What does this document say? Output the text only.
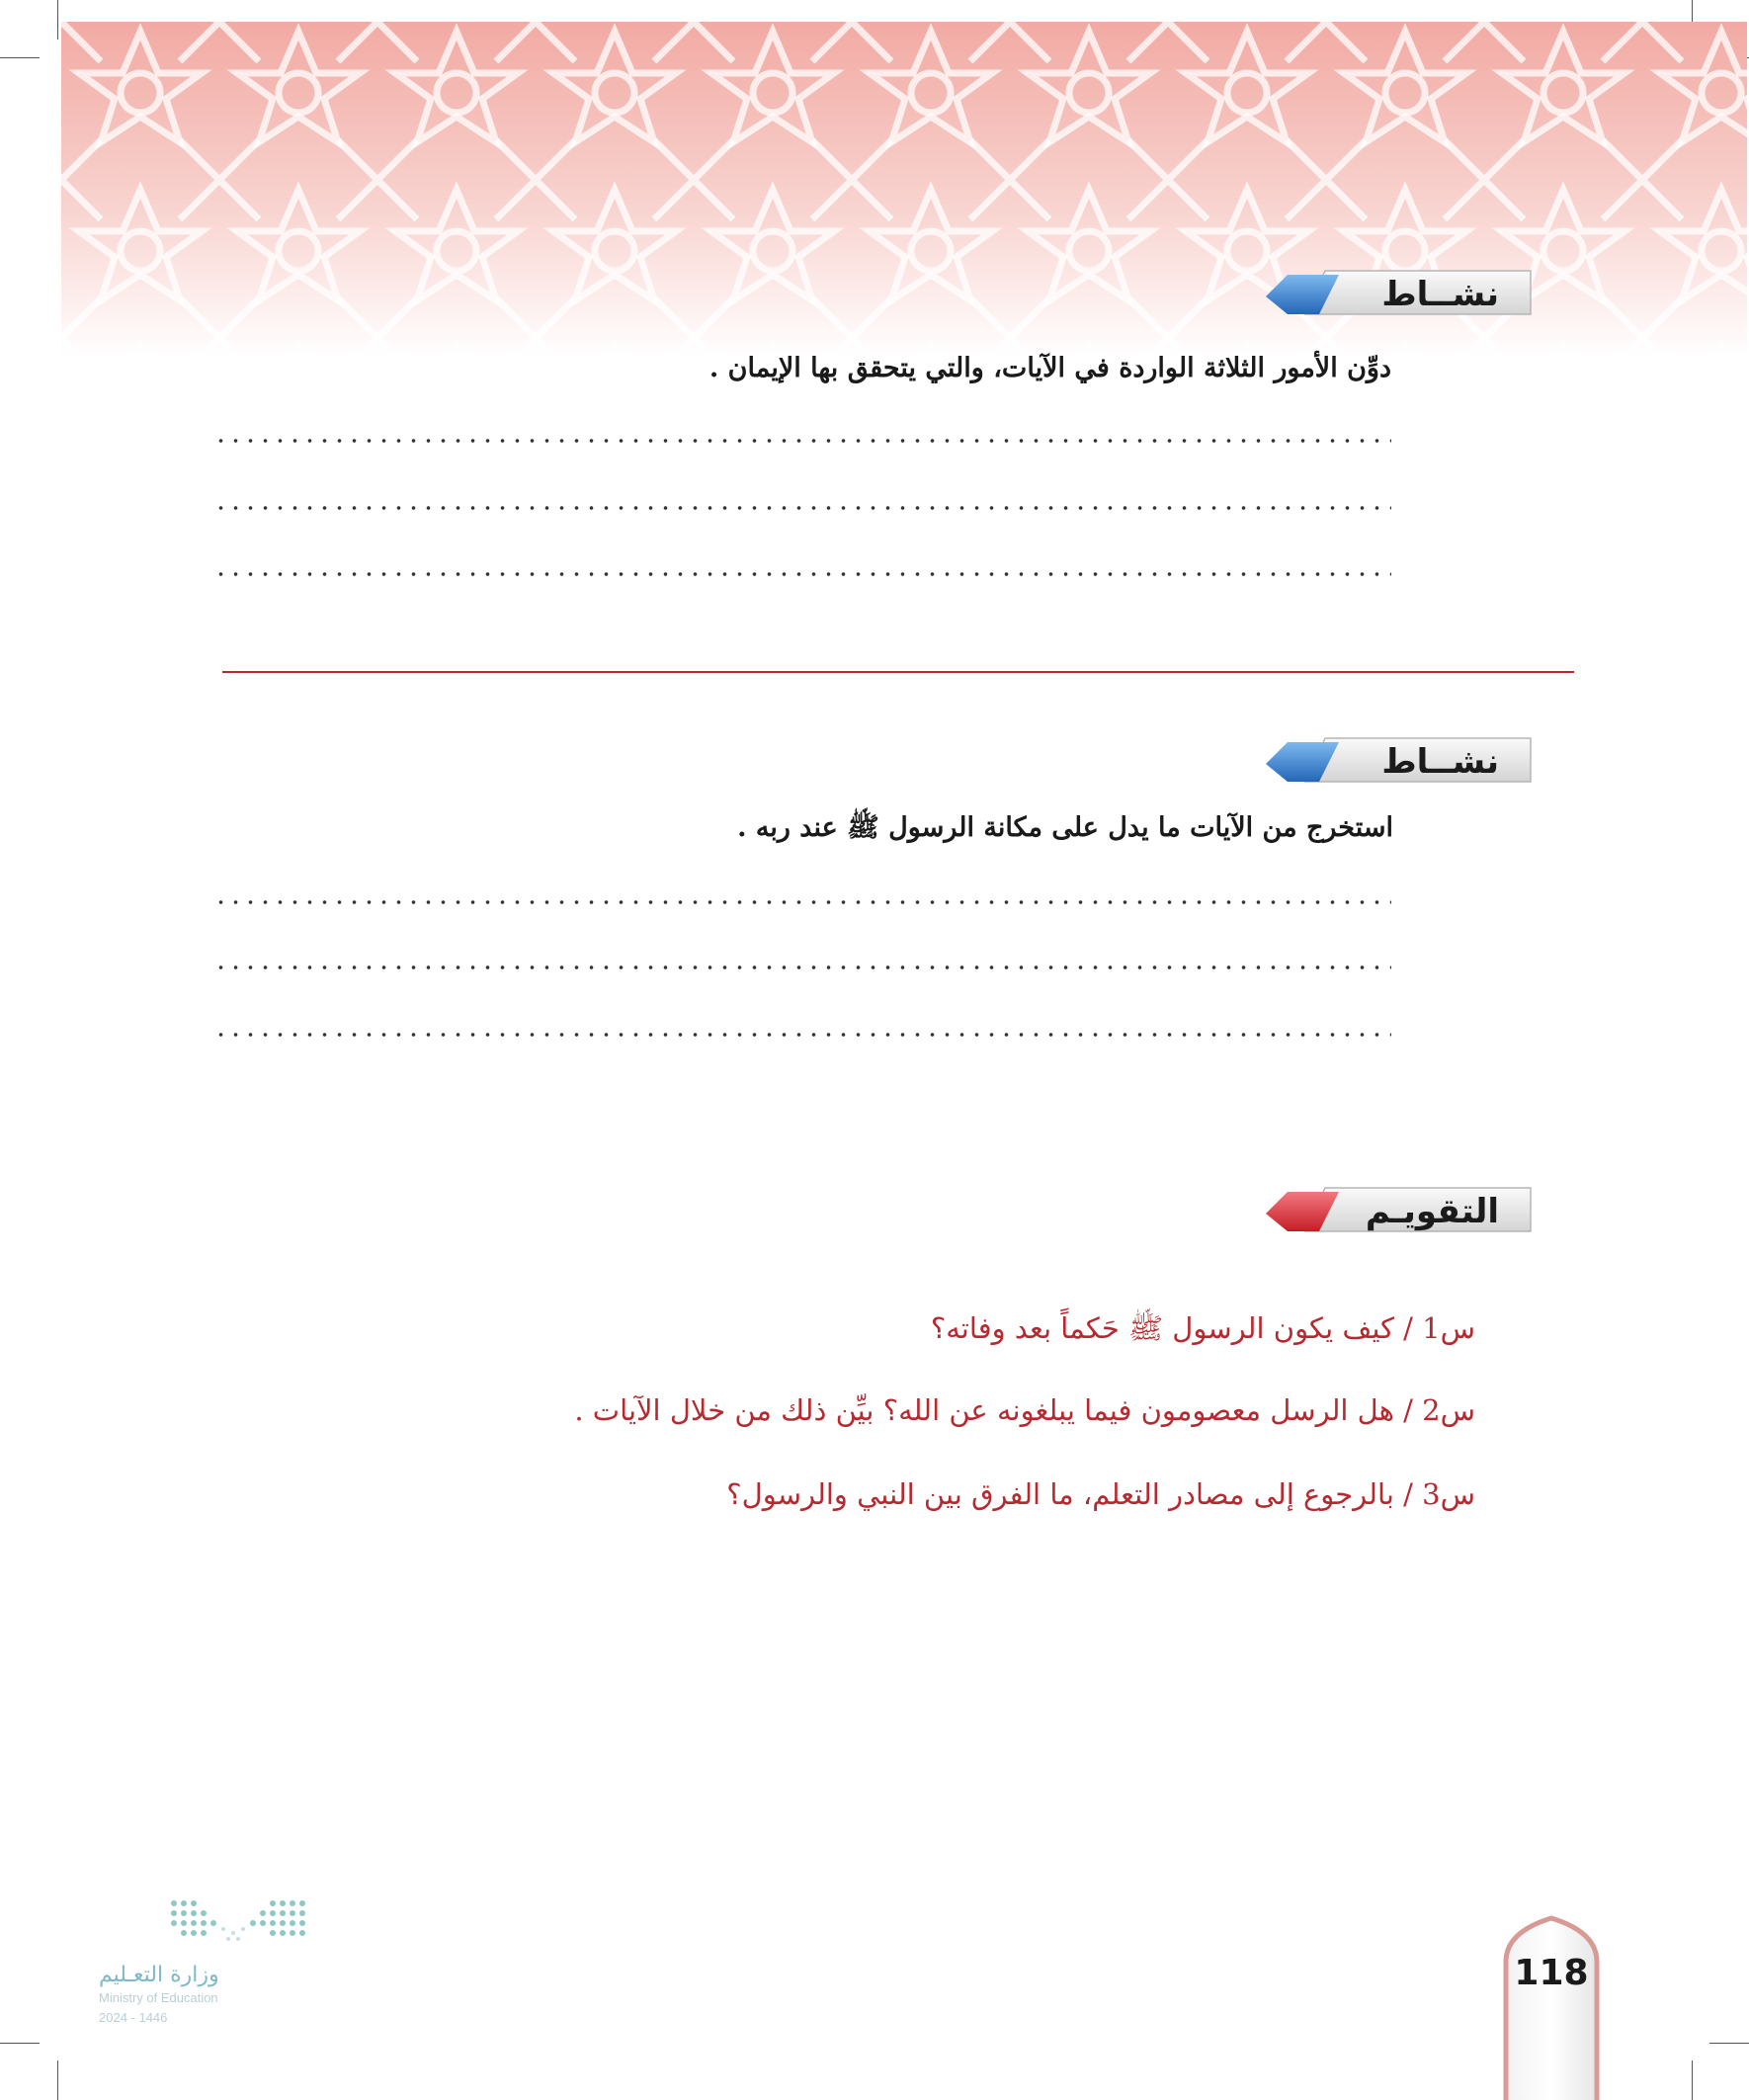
نشــاط
دوِّن الأمور الثلاثة الواردة في الآيات، والتي يتحقق بها الإيمان .
نشــاط
استخرج من الآيات ما يدل على مكانة الرسول ﷺ عند ربه .
التقويـم
س1 / كيف يكون الرسول ﷺ حَكماً بعد وفاته؟
س2 / هل الرسل معصومون فيما يبلغونه عن الله؟ بيِّن ذلك من خلال الآيات .
س3 / بالرجوع إلى مصادر التعلم، ما الفرق بين النبي والرسول؟
وزارة التعـليم
Ministry of Education
2024 - 1446
118
